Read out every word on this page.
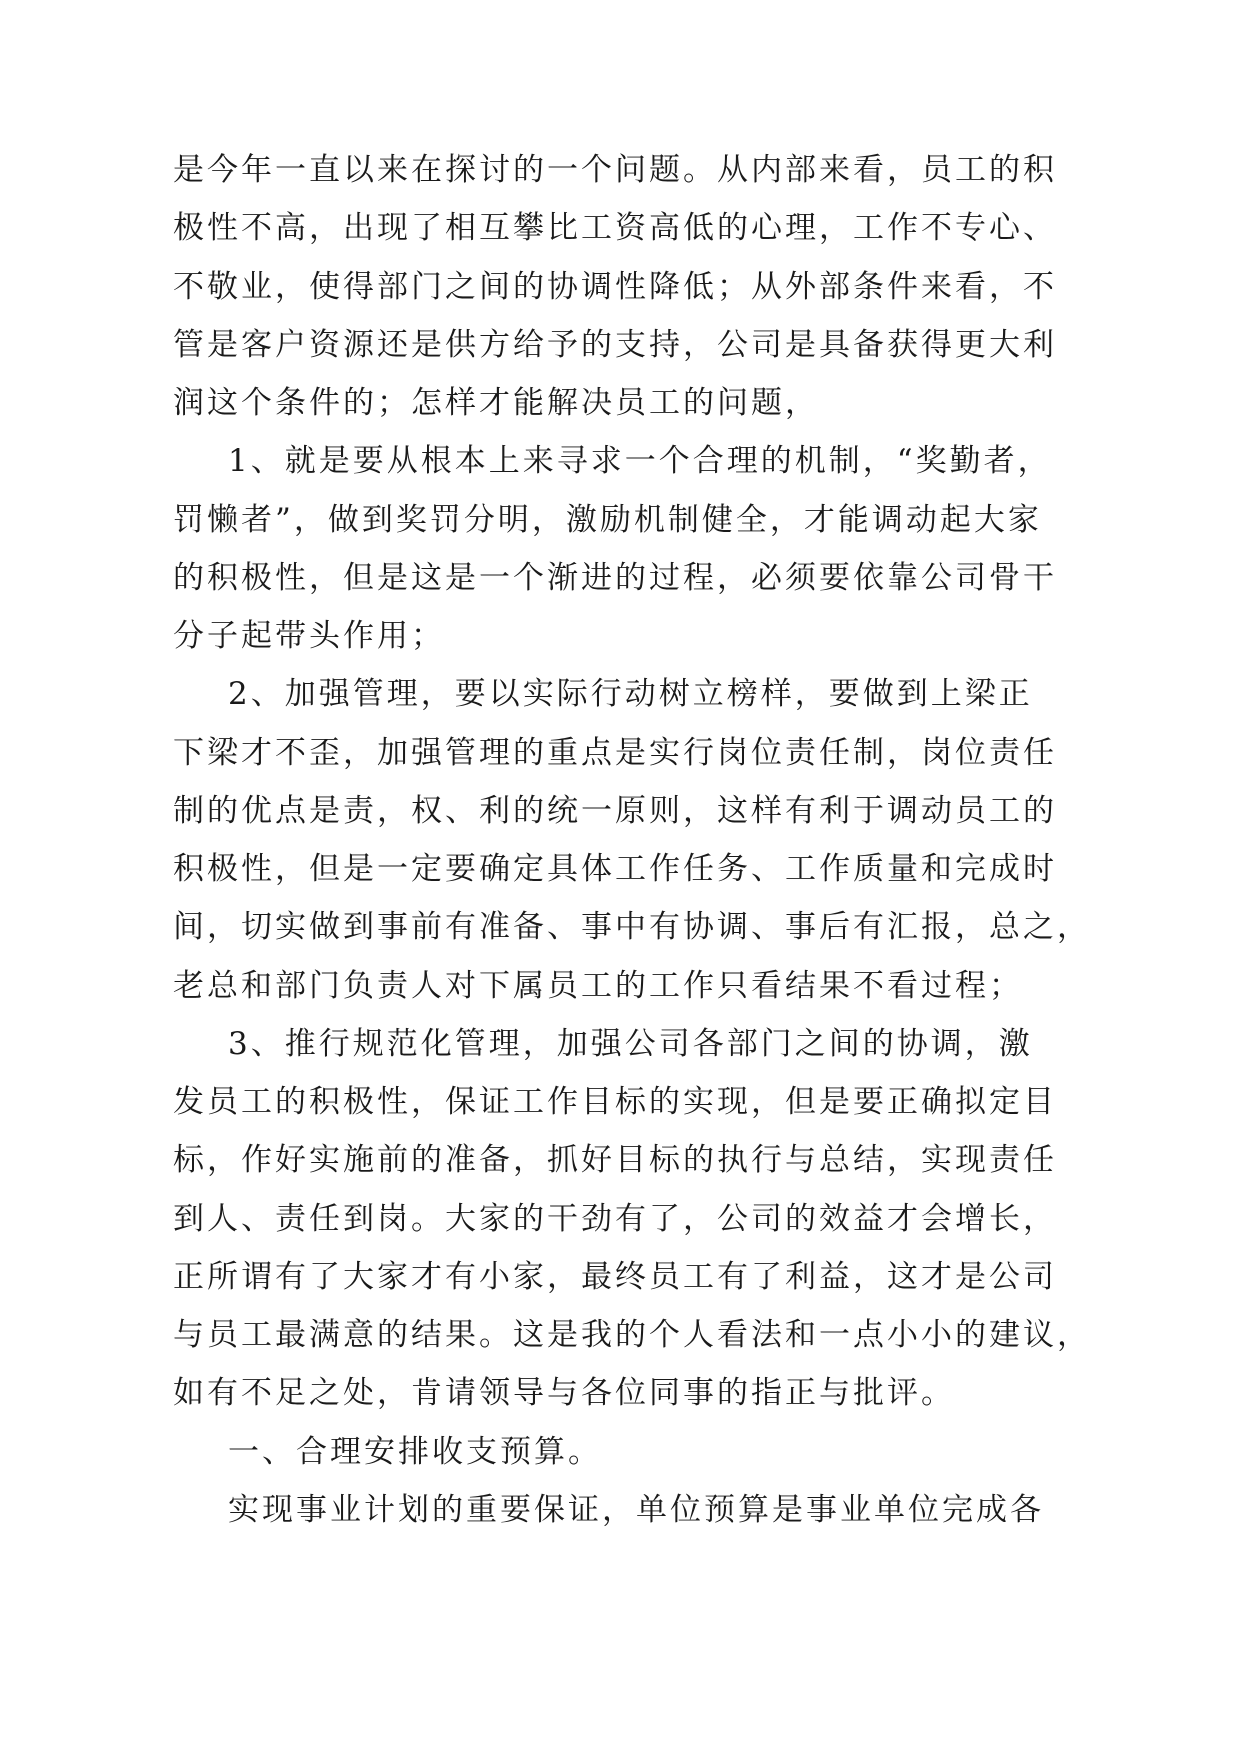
是今年一直以来在探讨的一个问题。从内部来看，员工的积
极性不高，出现了相互攀比工资高低的心理，工作不专心、
不敬业，使得部门之间的协调性降低；从外部条件来看，不
管是客户资源还是供方给予的支持，公司是具备获得更大利
润这个条件的；怎样才能解决员工的问题，
1、就是要从根本上来寻求一个合理的机制，“奖勤者，
罚懒者”，做到奖罚分明，激励机制健全，才能调动起大家
的积极性，但是这是一个渐进的过程，必须要依靠公司骨干
分子起带头作用；
2、加强管理，要以实际行动树立榜样，要做到上梁正
下梁才不歪，加强管理的重点是实行岗位责任制，岗位责任
制的优点是责，权、利的统一原则，这样有利于调动员工的
积极性，但是一定要确定具体工作任务、工作质量和完成时
间，切实做到事前有准备、事中有协调、事后有汇报，总之，
老总和部门负责人对下属员工的工作只看结果不看过程；
3、推行规范化管理，加强公司各部门之间的协调，激
发员工的积极性，保证工作目标的实现，但是要正确拟定目
标，作好实施前的准备，抓好目标的执行与总结，实现责任
到人、责任到岗。大家的干劲有了，公司的效益才会增长，
正所谓有了大家才有小家，最终员工有了利益，这才是公司
与员工最满意的结果。这是我的个人看法和一点小小的建议，
如有不足之处，肯请领导与各位同事的指正与批评。
一、合理安排收支预算。
实现事业计划的重要保证，单位预算是事业单位完成各
